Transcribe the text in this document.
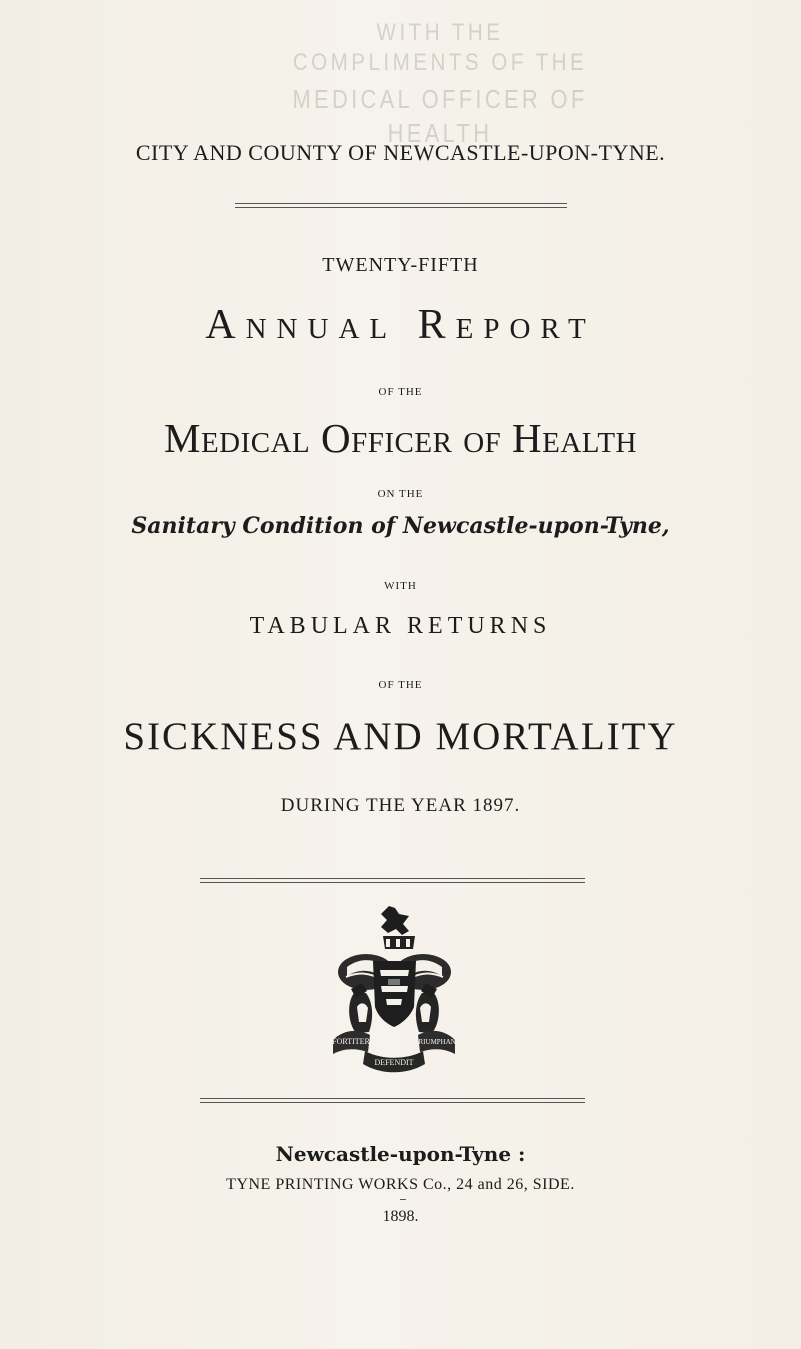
WITH THE COMPLIMENTS OF THE
MEDICAL OFFICER OF HEALTH
CITY AND COUNTY OF NEWCASTLE-UPON-TYNE.
TWENTY-FIFTH
Annual Report
OF THE
Medical Officer of Health
ON THE
Sanitary Condition of Newcastle-upon-Tyne,
WITH
TABULAR RETURNS
OF THE
SICKNESS AND MORTALITY
DURING THE YEAR 1897.
FORTITER	TRIUMPHANS
DEFENDIT
Newcastle-upon-Tyne :
TYNE PRINTING WORKS Co., 24 and 26, SIDE.
1898.
